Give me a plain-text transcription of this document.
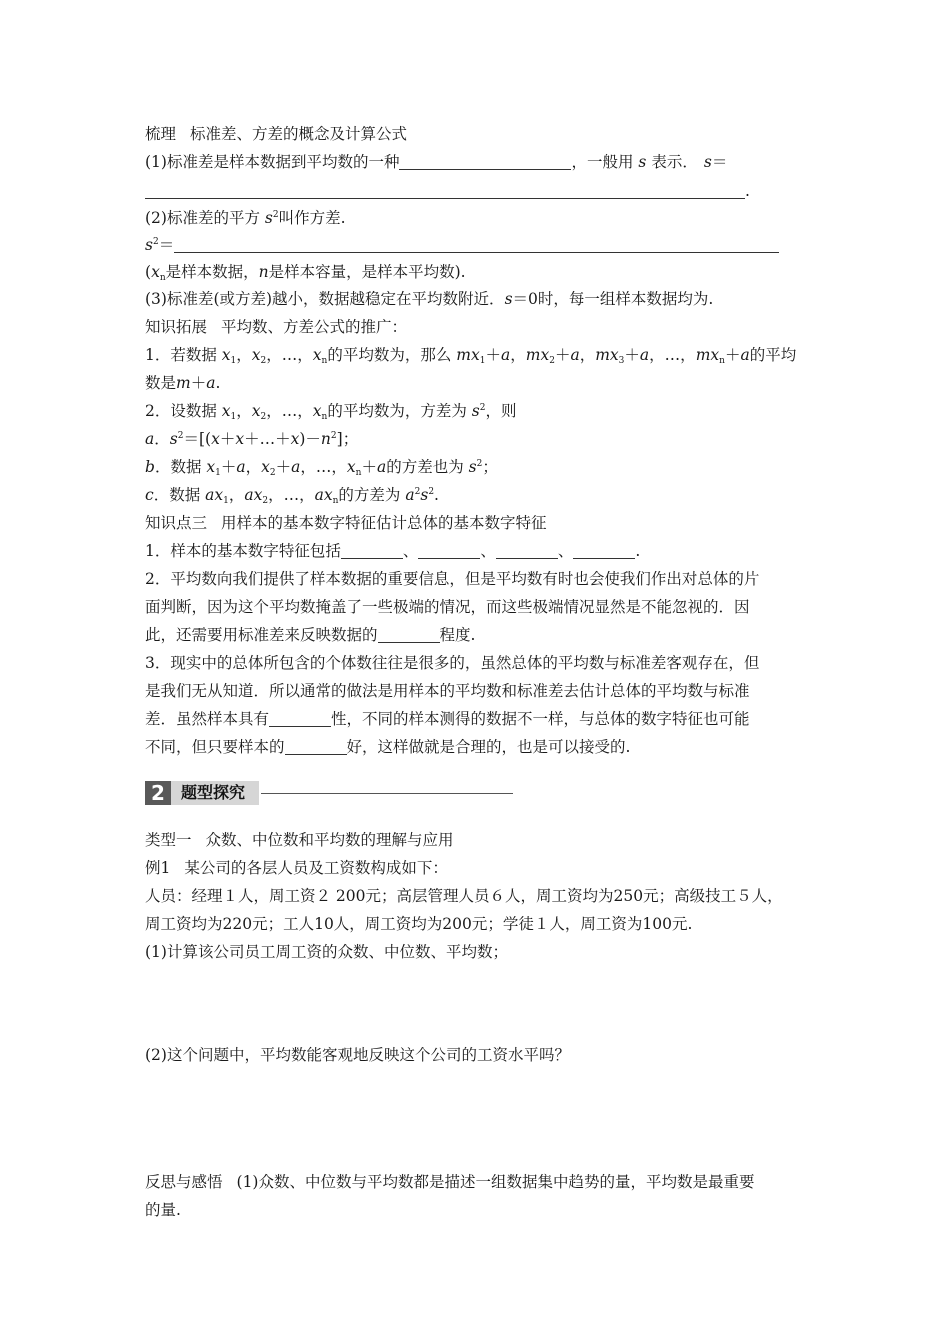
梳理 标准差、方差的概念及计算公式
(1)标准差是样本数据到平均数的一种	，一般用 s 表示． s＝
.
(2)标准差的平方 $s^2$叫作方差.
$s^2=$
($x_n$是样本数据，n是样本容量，是样本平均数).
(3)标准差(或方差)越小，数据越稳定在平均数附近．s＝0时，每一组样本数据均为.
知识拓展 平均数、方差公式的推广：
1．若数据 $x_1$，$x_2$，…，$x_n$的平均数为，那么 $mx_1+a$，$mx_2+a$，$mx_3+a$，…，$mx_n+a$的平均
数是m＋a.
2．设数据 $x_1$，$x_2$，…，$x_n$的平均数为，方差为 $s^2$，则
a．$s^2=[(x+x+\dots+x)-n^2]$；
b．数据 $x_1+a$，$x_2+a$，…，$x_n+a$的方差也为 $s^2$；
c．数据 $ax_1$，$ax_2$，…，$ax_n$的方差为 $a^2s^2$.
知识点三 用样本的基本数字特征估计总体的基本数字特征
1．样本的基本数字特征包括	、	、	、	.
2．平均数向我们提供了样本数据的重要信息，但是平均数有时也会使我们作出对总体的片
面判断，因为这个平均数掩盖了一些极端的情况，而这些极端情况显然是不能忽视的．因
此，还需要用标准差来反映数据的	程度.
3．现实中的总体所包含的个体数往往是很多的，虽然总体的平均数与标准差客观存在，但
是我们无从知道．所以通常的做法是用样本的平均数和标准差去估计总体的平均数与标准
差．虽然样本具有	性，不同的样本测得的数据不一样，与总体的数字特征也可能
不同，但只要样本的	好，这样做就是合理的，也是可以接受的.
2	题型探究
类型一 众数、中位数和平均数的理解与应用
例1 某公司的各层人员及工资数构成如下：
人员：经理１人，周工资２ 200元；高层管理人员６人，周工资均为250元；高级技工５人，
周工资均为220元；工人10人，周工资均为200元；学徒１人，周工资为100元.
(1)计算该公司员工周工资的众数、中位数、平均数；
(2)这个问题中，平均数能客观地反映这个公司的工资水平吗？
反思与感悟 (1)众数、中位数与平均数都是描述一组数据集中趋势的量，平均数是最重要
的量.
